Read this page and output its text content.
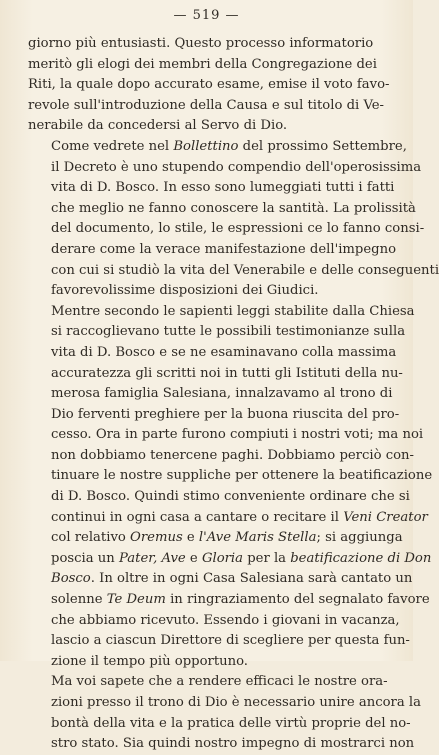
— 519 —

giorno più entusiasti. Questo processo informatorio
meritò gli elogi dei membri della Congregazione dei
Riti, la quale dopo accurato esame, emise il voto favo-
revole sull'introduzione della Causa e sul titolo di Ve-
nerabile da concedersi al Servo di Dio.

Come vedrete nel Bollettino del prossimo Settembre,
il Decreto è uno stupendo compendio dell'operosissima
vita di D. Bosco. In esso sono lumeggiati tutti i fatti
che meglio ne fanno conoscere la santità. La prolissità
del documento, lo stile, le espressioni ce lo fanno consi-
derare come la verace manifestazione dell'impegno
con cui si studiò la vita del Venerabile e delle conseguenti
favorevolissime disposizioni dei Giudici.

Mentre secondo le sapienti leggi stabilite dalla Chiesa
si raccoglievano tutte le possibili testimonianze sulla
vita di D. Bosco e se ne esaminavano colla massima
accuratezza gli scritti noi in tutti gli Istituti della nu-
merosa famiglia Salesiana, innalzavamo al trono di
Dio ferventi preghiere per la buona riuscita del pro-
cesso. Ora in parte furono compiuti i nostri voti; ma noi
non dobbiamo tenercene paghi. Dobbiamo perciò con-
tinuare le nostre suppliche per ottenere la beatificazione
di D. Bosco. Quindi stimo conveniente ordinare che si
continui in ogni casa a cantare o recitare il Veni Creator
col relativo Oremus e l'Ave Maris Stella; si aggiunga
poscia un Pater, Ave e Gloria per la beatificazione di Don
Bosco. In oltre in ogni Casa Salesiana sarà cantato un
solenne Te Deum in ringraziamento del segnalato favore
che abbiamo ricevuto. Essendo i giovani in vacanza,
lascio a ciascun Direttore di scegliere per questa fun-
zione il tempo più opportuno.

Ma voi sapete che a rendere efficaci le nostre ora-
zioni presso il trono di Dio è necessario unire ancora la
bontà della vita e la pratica delle virtù proprie del no-
stro stato. Sia quindi nostro impegno di mostrarci non
